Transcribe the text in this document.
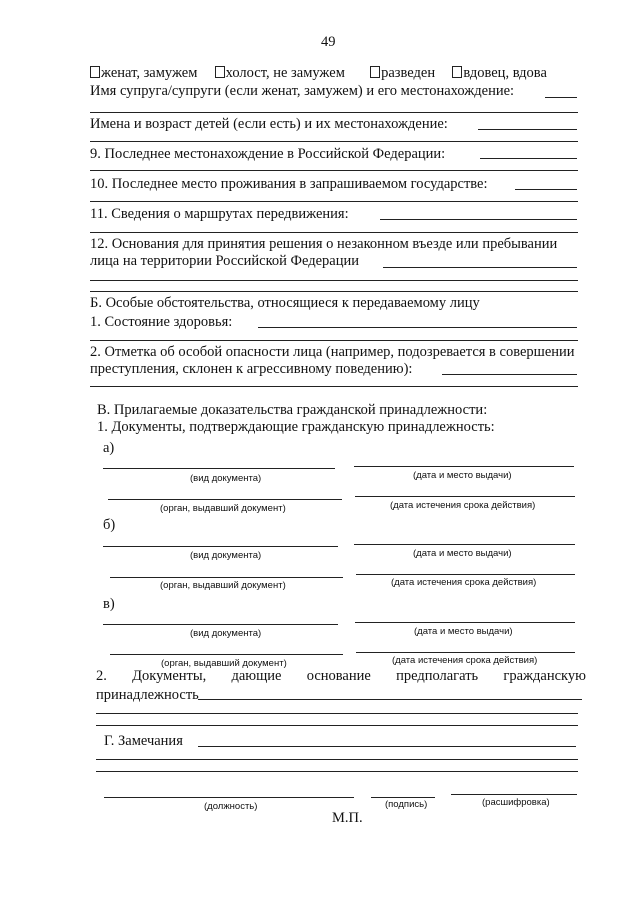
49
женат, замужем холост, не замужем	разведен вдовец, вдова
Имя супруга/супруги (если женат, замужем) и его местонахождение:
Имена и возраст детей (если есть) и их местонахождение:
9. Последнее местонахождение в Российской Федерации:
10. Последнее место проживания в запрашиваемом государстве:
11. Сведения о маршрутах передвижения:
12. Основания для принятия решения о незаконном въезде или пребывании
лица на территории Российской Федерации
Б. Особые обстоятельства, относящиеся к передаваемому лицу
1. Состояние здоровья:
2. Отметка об особой опасности лица (например, подозревается в совершении
преступления, склонен к агрессивному поведению):
В. Прилагаемые доказательства гражданской принадлежности:
1. Документы, подтверждающие гражданскую принадлежность:
а)
(вид документа)	(дата и место выдачи)
(орган, выдавший документ)	(дата истечения срока действия)
б)
(вид документа)	(дата и место выдачи)
(орган, выдавший документ)	(дата истечения срока действия)
в)
(вид документа)	(дата и место выдачи)
(орган, выдавший документ)	(дата истечения срока действия)
2. Документы, дающие основание предполагать гражданскую
принадлежность
Г. Замечания
(должность)	(подпись)	(расшифровка)
М.П.
